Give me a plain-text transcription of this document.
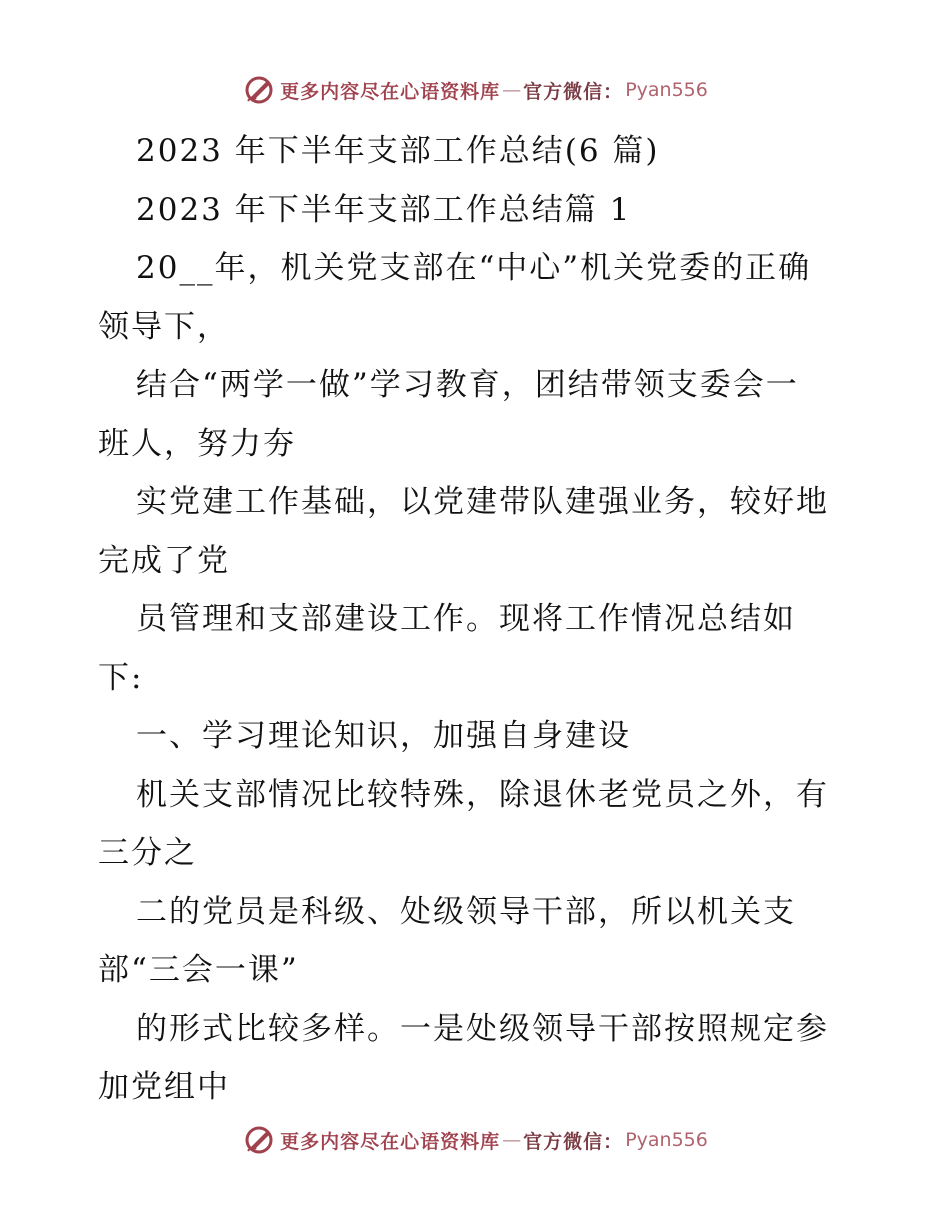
更多内容尽在心语资料库 — 官方微信： Pyan556
2023 年下半年支部工作总结(6 篇)
2023 年下半年支部工作总结篇 1
20__年，机关党支部在“中心”机关党委的正确
领导下，
结合“两学一做”学习教育，团结带领支委会一
班人，努力夯
实党建工作基础，以党建带队建强业务，较好地
完成了党
员管理和支部建设工作。现将工作情况总结如
下:
一、学习理论知识，加强自身建设
机关支部情况比较特殊，除退休老党员之外，有
三分之
二的党员是科级、处级领导干部，所以机关支
部“三会一课”
的形式比较多样。一是处级领导干部按照规定参
加党组中
更多内容尽在心语资料库 — 官方微信： Pyan556
